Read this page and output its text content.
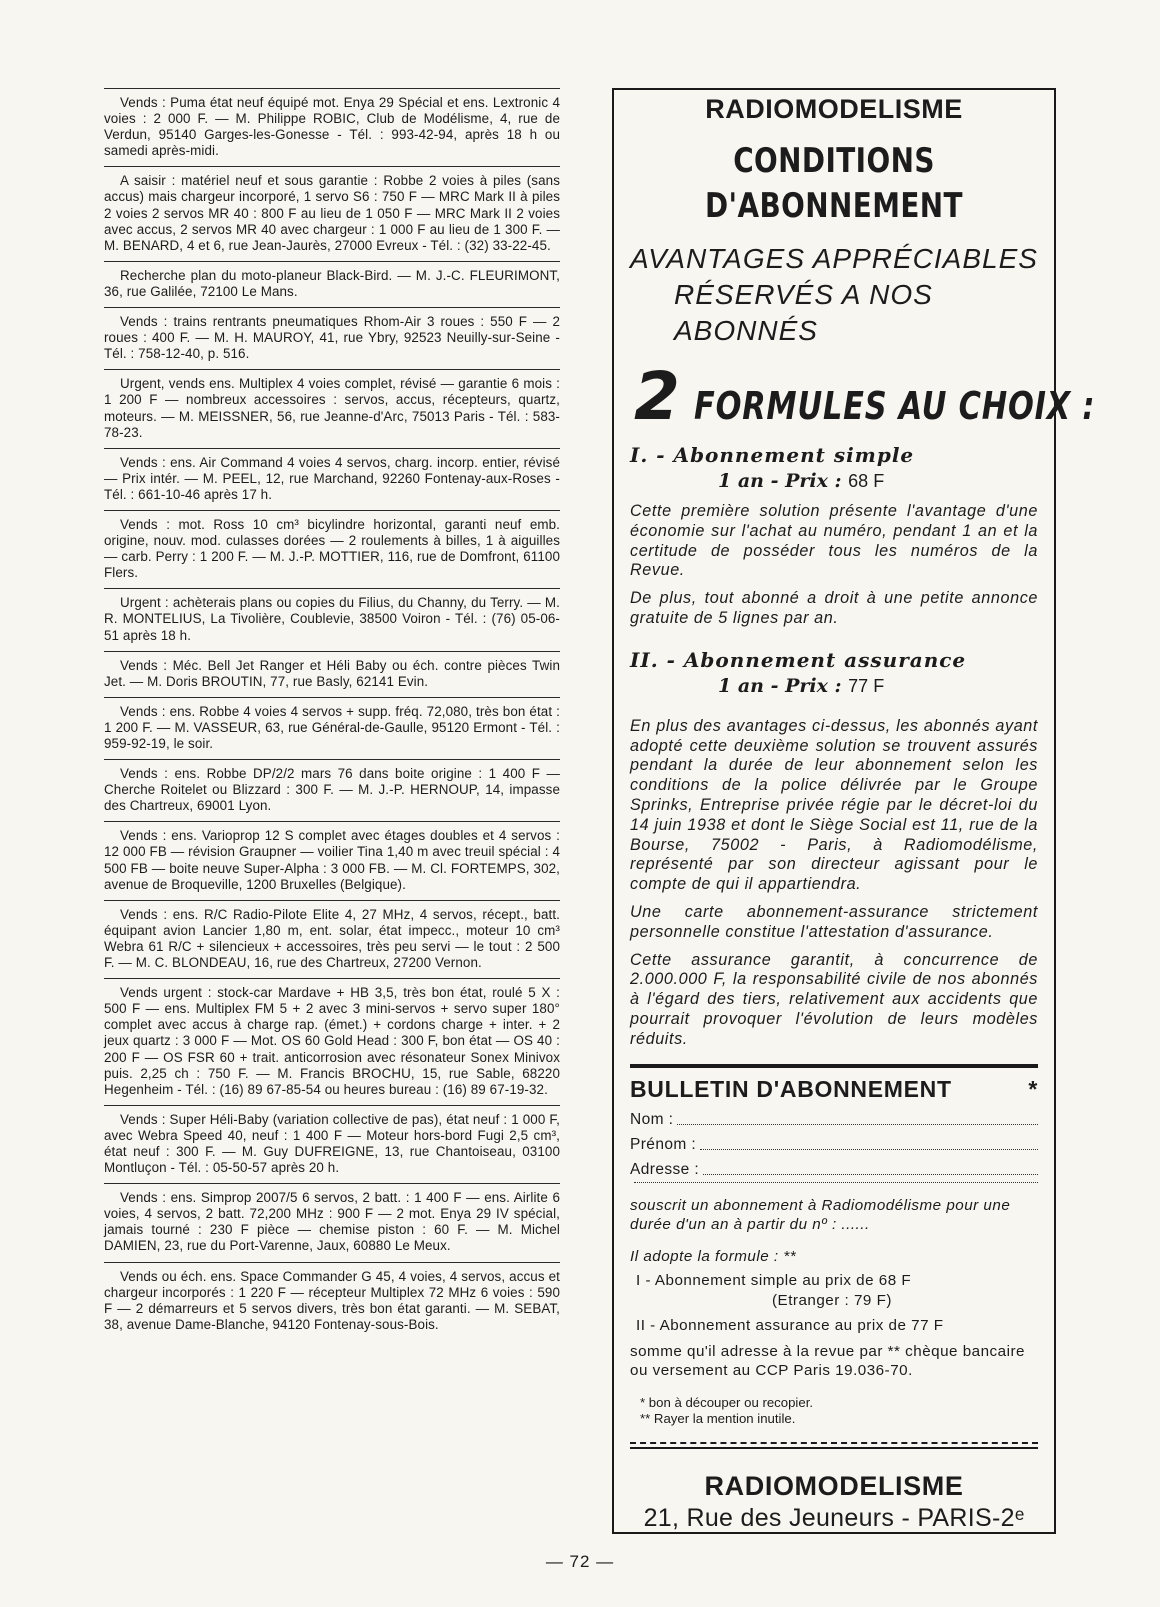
Vends : Puma état neuf équipé mot. Enya 29 Spécial et ens. Lextronic 4 voies : 2 000 F. — M. Philippe ROBIC, Club de Modélisme, 4, rue de Verdun, 95140 Garges-les-Gonesse - Tél. : 993-42-94, après 18 h ou samedi après-midi.
A saisir : matériel neuf et sous garantie : Robbe 2 voies à piles (sans accus) mais chargeur incorporé, 1 servo S6 : 750 F — MRC Mark II à piles 2 voies 2 servos MR 40 : 800 F au lieu de 1 050 F — MRC Mark II 2 voies avec accus, 2 servos MR 40 avec chargeur : 1 000 F au lieu de 1 300 F. — M. BENARD, 4 et 6, rue Jean-Jaurès, 27000 Evreux - Tél. : (32) 33-22-45.
Recherche plan du moto-planeur Black-Bird. — M. J.-C. FLEURIMONT, 36, rue Galilée, 72100 Le Mans.
Vends : trains rentrants pneumatiques Rhom-Air 3 roues : 550 F — 2 roues : 400 F. — M. H. MAUROY, 41, rue Ybry, 92523 Neuilly-sur-Seine - Tél. : 758-12-40, p. 516.
Urgent, vends ens. Multiplex 4 voies complet, révisé — garantie 6 mois : 1 200 F — nombreux accessoires : servos, accus, récepteurs, quartz, moteurs. — M. MEISSNER, 56, rue Jeanne-d'Arc, 75013 Paris - Tél. : 583-78-23.
Vends : ens. Air Command 4 voies 4 servos, charg. incorp. entier, révisé — Prix intér. — M. PEEL, 12, rue Marchand, 92260 Fontenay-aux-Roses - Tél. : 661-10-46 après 17 h.
Vends : mot. Ross 10 cm³ bicylindre horizontal, garanti neuf emb. origine, nouv. mod. culasses dorées — 2 roulements à billes, 1 à aiguilles — carb. Perry : 1 200 F. — M. J.-P. MOTTIER, 116, rue de Domfront, 61100 Flers.
Urgent : achèterais plans ou copies du Filius, du Channy, du Terry. — M. R. MONTELIUS, La Tivolière, Coublevie, 38500 Voiron - Tél. : (76) 05-06-51 après 18 h.
Vends : Méc. Bell Jet Ranger et Héli Baby ou éch. contre pièces Twin Jet. — M. Doris BROUTIN, 77, rue Basly, 62141 Evin.
Vends : ens. Robbe 4 voies 4 servos + supp. fréq. 72,080, très bon état : 1 200 F. — M. VASSEUR, 63, rue Général-de-Gaulle, 95120 Ermont - Tél. : 959-92-19, le soir.
Vends : ens. Robbe DP/2/2 mars 76 dans boite origine : 1 400 F — Cherche Roitelet ou Blizzard : 300 F. — M. J.-P. HERNOUP, 14, impasse des Chartreux, 69001 Lyon.
Vends : ens. Varioprop 12 S complet avec étages doubles et 4 servos : 12 000 FB — révision Graupner — voilier Tina 1,40 m avec treuil spécial : 4 500 FB — boite neuve Super-Alpha : 3 000 FB. — M. Cl. FORTEMPS, 302, avenue de Broqueville, 1200 Bruxelles (Belgique).
Vends : ens. R/C Radio-Pilote Elite 4, 27 MHz, 4 servos, récept., batt. équipant avion Lancier 1,80 m, ent. solar, état impecc., moteur 10 cm³ Webra 61 R/C + silencieux + accessoires, très peu servi — le tout : 2 500 F. — M. C. BLONDEAU, 16, rue des Chartreux, 27200 Vernon.
Vends urgent : stock-car Mardave + HB 3,5, très bon état, roulé 5 X : 500 F — ens. Multiplex FM 5 + 2 avec 3 mini-servos + servo super 180° complet avec accus à charge rap. (émet.) + cordons charge + inter. + 2 jeux quartz : 3 000 F — Mot. OS 60 Gold Head : 300 F, bon état — OS 40 : 200 F — OS FSR 60 + trait. anticorrosion avec résonateur Sonex Minivox puis. 2,25 ch : 750 F. — M. Francis BROCHU, 15, rue Sable, 68220 Hegenheim - Tél. : (16) 89 67-85-54 ou heures bureau : (16) 89 67-19-32.
Vends : Super Héli-Baby (variation collective de pas), état neuf : 1 000 F, avec Webra Speed 40, neuf : 1 400 F — Moteur hors-bord Fugi 2,5 cm³, état neuf : 300 F. — M. Guy DUFREIGNE, 13, rue Chantoiseau, 03100 Montluçon - Tél. : 05-50-57 après 20 h.
Vends : ens. Simprop 2007/5 6 servos, 2 batt. : 1 400 F — ens. Airlite 6 voies, 4 servos, 2 batt. 72,200 MHz : 900 F — 2 mot. Enya 29 IV spécial, jamais tourné : 230 F pièce — chemise piston : 60 F. — M. Michel DAMIEN, 23, rue du Port-Varenne, Jaux, 60880 Le Meux.
Vends ou éch. ens. Space Commander G 45, 4 voies, 4 servos, accus et chargeur incorporés : 1 220 F — récepteur Multiplex 72 MHz 6 voies : 590 F — 2 démarreurs et 5 servos divers, très bon état garanti. — M. SEBAT, 38, avenue Dame-Blanche, 94120 Fontenay-sous-Bois.
RADIOMODELISME
CONDITIONS
D'ABONNEMENT
AVANTAGES APPRÉCIABLES
RÉSERVÉS A NOS ABONNÉS
2 FORMULES AU CHOIX :
I. - Abonnement simple
1 an - Prix : 68 F
Cette première solution présente l'avantage d'une économie sur l'achat au numéro, pendant 1 an et la certitude de posséder tous les numéros de la Revue.
De plus, tout abonné a droit à une petite annonce gratuite de 5 lignes par an.
II. - Abonnement assurance
1 an - Prix : 77 F
En plus des avantages ci-dessus, les abonnés ayant adopté cette deuxième solution se trouvent assurés pendant la durée de leur abonnement selon les conditions de la police délivrée par le Groupe Sprinks, Entreprise privée régie par le décret-loi du 14 juin 1938 et dont le Siège Social est 11, rue de la Bourse, 75002 - Paris, à Radiomodélisme, représenté par son directeur agissant pour le compte de qui il appartiendra.
Une carte abonnement-assurance strictement personnelle constitue l'attestation d'assurance.
Cette assurance garantit, à concurrence de 2.000.000 F, la responsabilité civile de nos abonnés à l'égard des tiers, relativement aux accidents que pourrait provoquer l'évolution de leurs modèles réduits.
BULLETIN D'ABONNEMENT	*
Nom :
Prénom :
Adresse :
souscrit un abonnement à Radiomodélisme pour une durée d'un an à partir du nº : ......
Il adopte la formule : **
I - Abonnement simple au prix de 68 F
(Etranger : 79 F)
II - Abonnement assurance au prix de 77 F
somme qu'il adresse à la revue par ** chèque bancaire ou versement au CCP Paris 19.036-70.
* bon à découper ou recopier.
** Rayer la mention inutile.
RADIOMODELISME
21, Rue des Jeuneurs - PARIS-2ᵉ
— 72 —
